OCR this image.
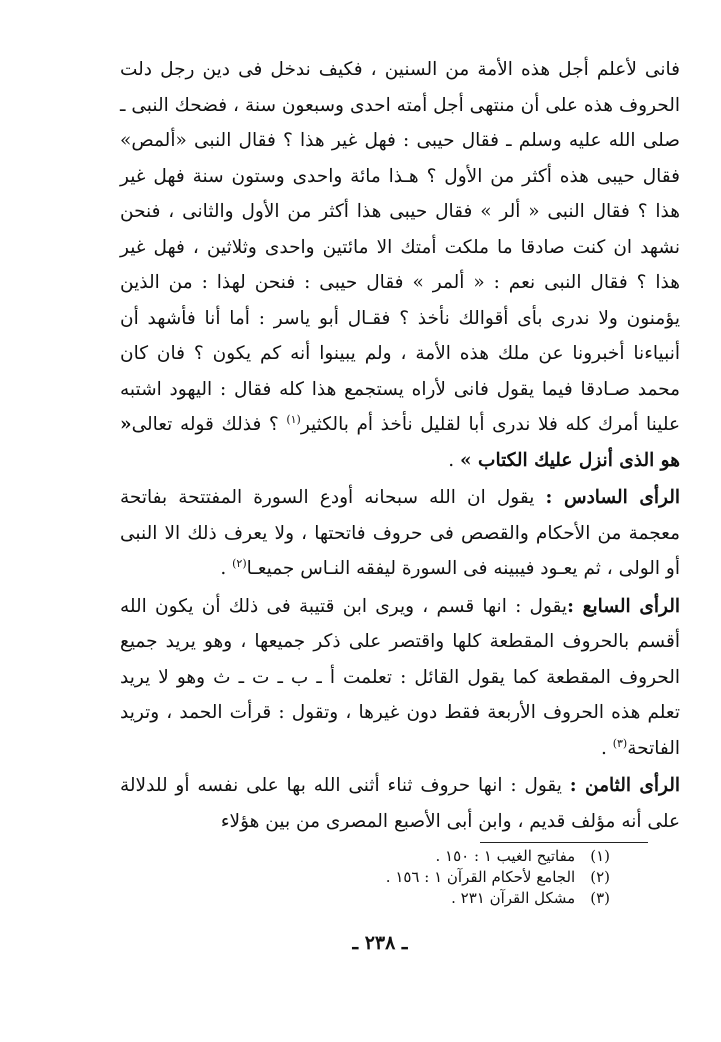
فانى لأعلم أجل هذه الأمة من السنين ، فكيف ندخل فى دين رجل دلت الحروف هذه على أن منتهى أجل أمته احدى وسبعون سنة ، فضحك النبى ـ صلى الله عليه وسلم ـ فقال حيبى : فهل غير هذا ؟ فقال النبى «ألمص» فقال حيبى هذه أكثر من الأول ؟ هـذا مائة واحدى وستون سنة فهل غير هذا ؟ فقال النبى « ألر » فقال حيبى هذا أكثر من الأول والثانى ، فنحن نشهد ان كنت صادقا ما ملكت أمتك الا مائتين واحدى وثلاثين ، فهل غير هذا ؟ فقال النبى نعم : « ألمر » فقال حيبى : فنحن لهذا : من الذين يؤمنون ولا ندرى بأى أقوالك نأخذ ؟ فقـال أبو ياسر : أما أنا فأشهد أن أنبياءنا أخبرونا عن ملك هذه الأمة ، ولم يبينوا أنه كم يكون ؟ فان كان محمد صـادقا فيما يقول فانى لأراه يستجمع هذا كله فقال : اليهود اشتبه علينا أمرك كله فلا ندرى أبا لقليل نأخذ أم بالكثير$^{(١)}$ ؟ فذلك قوله تعالى« هو الذى أنزل عليك الكتاب » .

الرأى السادس : يقول ان الله سبحانه أودع السورة المفتتحة بفاتحة معجمة من الأحكام والقصص فى حروف فاتحتها ، ولا يعرف ذلك الا النبى أو الولى ، ثم يعـود فيبينه فى السورة ليفقه النـاس جميعـا$^{(٢)}$ .

الرأى السابع :يقول : انها قسم ، ويرى ابن قتيبة فى ذلك أن يكون الله أقسم بالحروف المقطعة كلها واقتصر على ذكر جميعها ، وهو يريد جميع الحروف المقطعة كما يقول القائل : تعلمت أ ـ ب ـ ت ـ ث وهو لا يريد تعلم هذه الحروف الأربعة فقط دون غيرها ، وتقول : قرأت الحمد ، وتريد الفاتحة$^{(٣)}$ .

الرأى الثامن : يقول : انها حروف ثناء أثنى الله بها على نفسه أو للدلالة على أنه مؤلف قديم ، وابن أبى الأصبع المصرى من بين هؤلاء

(١) مفاتيح الغيب ١ : ١٥٠ .

(٢) الجامع لأحكام القرآن ١ : ١٥٦ .

(٣) مشكل القرآن ٢٣١ .

ـ ٢٣٨ ـ
